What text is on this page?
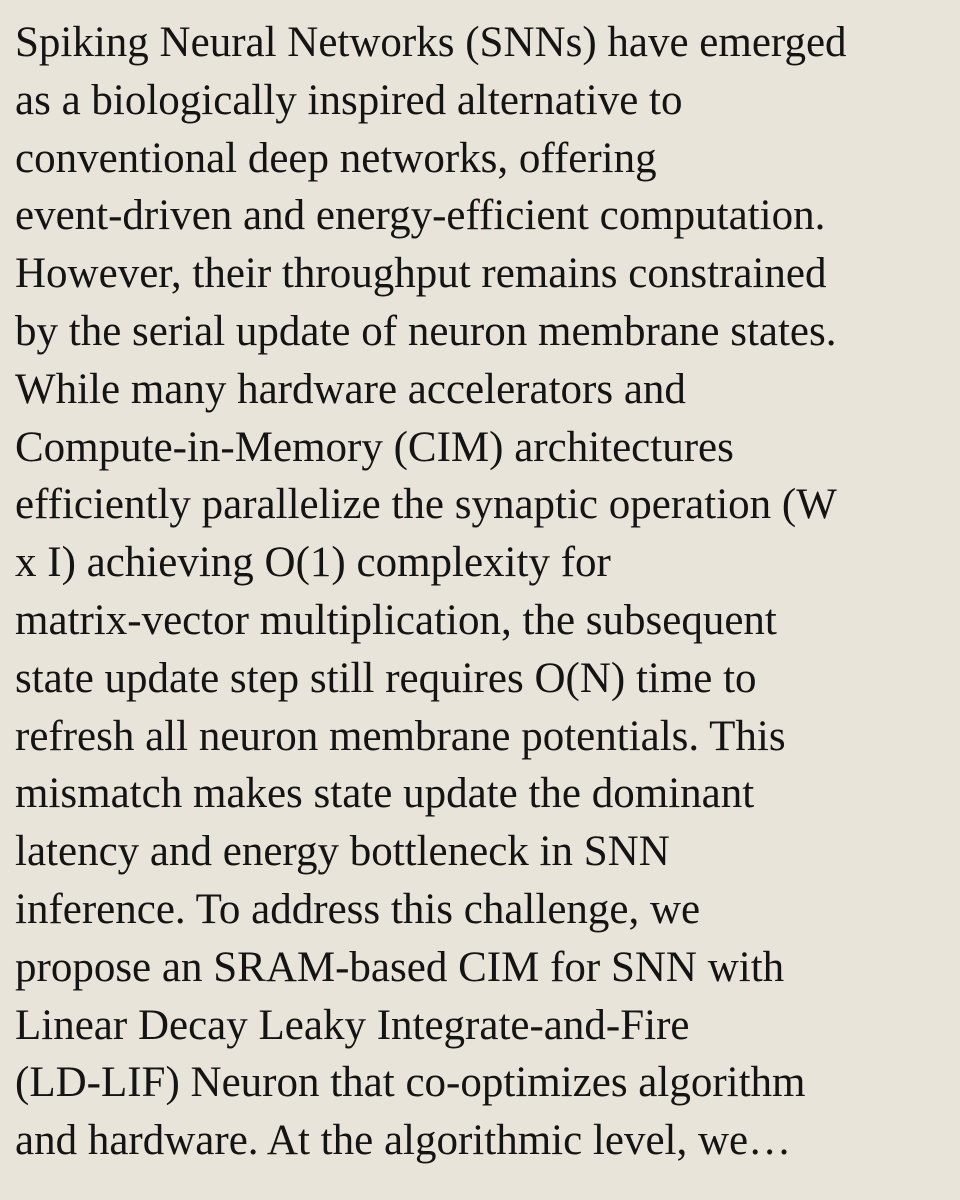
Spiking Neural Networks (SNNs) have emerged
as a biologically inspired alternative to
conventional deep networks, offering
event-driven and energy-efficient computation.
However, their throughput remains constrained
by the serial update of neuron membrane states.
While many hardware accelerators and
Compute-in-Memory (CIM) architectures
efficiently parallelize the synaptic operation (W
x I) achieving O(1) complexity for
matrix-vector multiplication, the subsequent
state update step still requires O(N) time to
refresh all neuron membrane potentials. This
mismatch makes state update the dominant
latency and energy bottleneck in SNN
inference. To address this challenge, we
propose an SRAM-based CIM for SNN with
Linear Decay Leaky Integrate-and-Fire
(LD-LIF) Neuron that co-optimizes algorithm
and hardware. At the algorithmic level, we…
